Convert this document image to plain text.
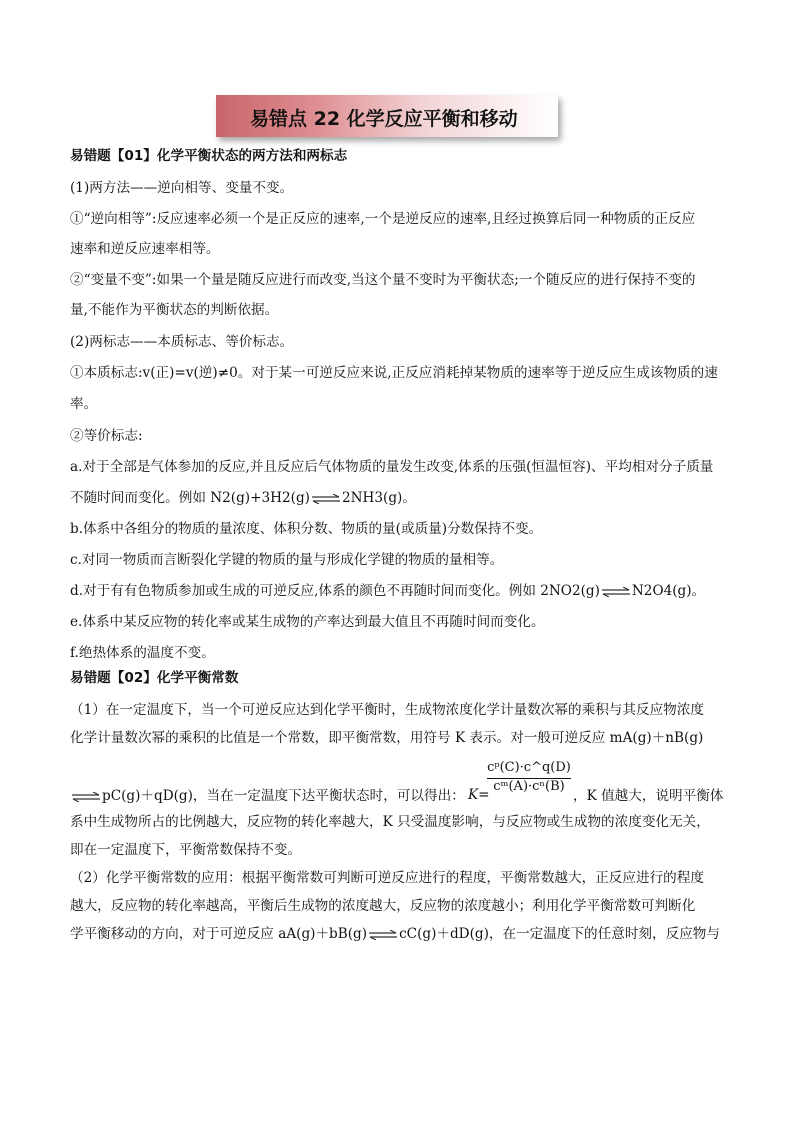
易错点 22 化学反应平衡和移动
易错题【01】化学平衡状态的两方法和两标志
(1)两方法——逆向相等、变量不变。
①“逆向相等”:反应速率必须一个是正反应的速率,一个是逆反应的速率,且经过换算后同一种物质的正反应
速率和逆反应速率相等。
②“变量不变”:如果一个量是随反应进行而改变,当这个量不变时为平衡状态;一个随反应的进行保持不变的
量,不能作为平衡状态的判断依据。
(2)两标志——本质标志、等价标志。
①本质标志:v(正)=v(逆)≠0。对于某一可逆反应来说,正反应消耗掉某物质的速率等于逆反应生成该物质的速
率。
②等价标志:
a.对于全部是气体参加的反应,并且反应后气体物质的量发生改变,体系的压强(恒温恒容)、平均相对分子质量
不随时间而变化。例如 N2(g)+3H2(g)⇌2NH3(g)。
b.体系中各组分的物质的量浓度、体积分数、物质的量(或质量)分数保持不变。
c.对同一物质而言断裂化学键的物质的量与形成化学键的物质的量相等。
d.对于有有色物质参加或生成的可逆反应,体系的颜色不再随时间而变化。例如 2NO2(g)⇌N2O4(g)。
e.体系中某反应物的转化率或某生成物的产率达到最大值且不再随时间而变化。
f.绝热体系的温度不变。
易错题【02】化学平衡常数
（1）在一定温度下，当一个可逆反应达到化学平衡时，生成物浓度化学计量数次幂的乘积与其反应物浓度
化学计量数次幂的乘积的比值是一个常数，即平衡常数，用符号 K 表示。对一般可逆反应 mA(g)＋nB(g)
cᵖ(C)·c^q(D)
cᵐ(A)·cⁿ(B)
⇌pC(g)＋qD(g)，当在一定温度下达平衡状态时，可以得出： K=	，K 值越大，说明平衡体
系中生成物所占的比例越大，反应物的转化率越大，K 只受温度影响，与反应物或生成物的浓度变化无关，
即在一定温度下，平衡常数保持不变。
（2）化学平衡常数的应用：根据平衡常数可判断可逆反应进行的程度，平衡常数越大，正反应进行的程度
越大，反应物的转化率越高，平衡后生成物的浓度越大，反应物的浓度越小；利用化学平衡常数可判断化
学平衡移动的方向，对于可逆反应 aA(g)＋bB(g)⇌cC(g)＋dD(g)，在一定温度下的任意时刻，反应物与
